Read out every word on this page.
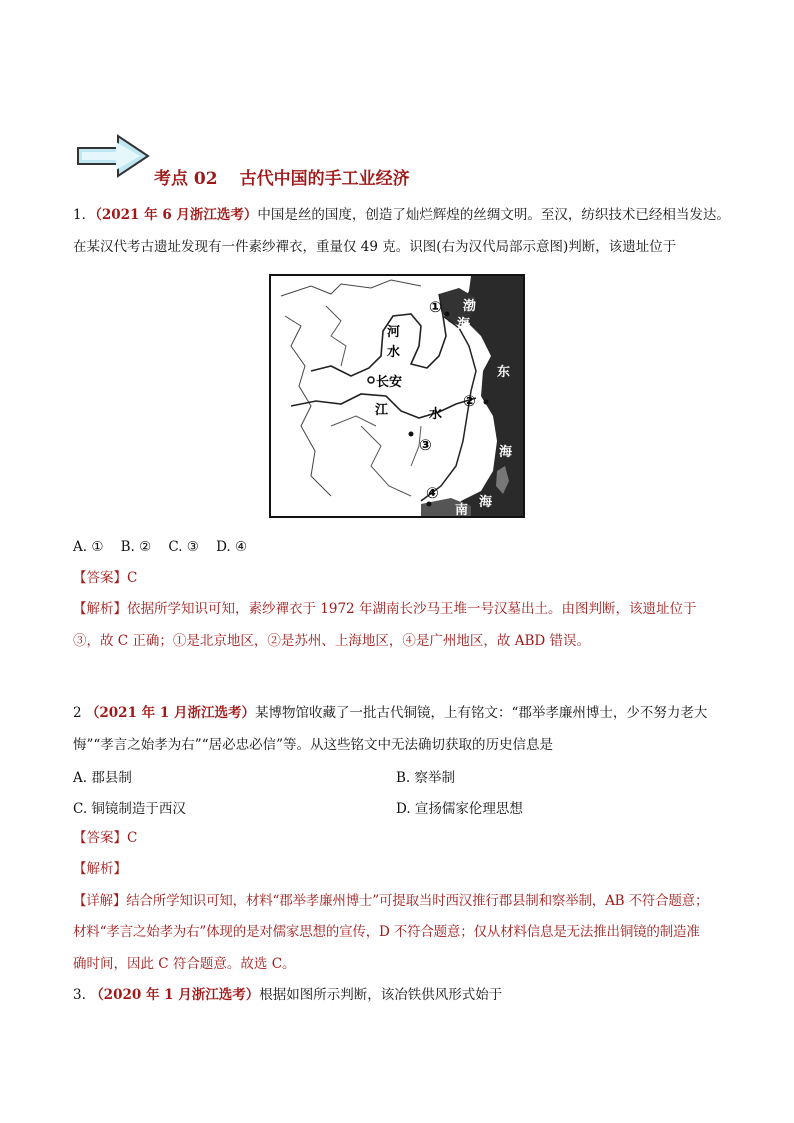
考点 02 古代中国的手工业经济
1．（2021 年 6 月浙江选考）中国是丝的国度，创造了灿烂辉煌的丝绸文明。至汉，纺织技术已经相当发达。
在某汉代考古遗址发现有一件素纱襌衣，重量仅 49 克。识图(右为汉代局部示意图)判断，该遗址位于
河
水
长安
江	水
渤
海
东
海
海
南
①
②
③
④
A. ①    B. ②    C. ③    D. ④
【答案】C
【解析】依据所学知识可知，素纱襌衣于 1972 年湖南长沙马王堆一号汉墓出土。由图判断，该遗址位于
③，故 C 正确；①是北京地区，②是苏州、上海地区，④是广州地区，故 ABD 错误。
2 （2021 年 1 月浙江选考）某博物馆收藏了一批古代铜镜，上有铭文：“郡举孝廉州博士，少不努力老大
悔”“孝言之始孝为右”“居必忠必信”等。从这些铭文中无法确切获取的历史信息是
A. 郡县制	B. 察举制
C. 铜镜制造于西汉	D. 宣扬儒家伦理思想
【答案】C
【解析】
【详解】结合所学知识可知，材料“郡举孝廉州博士”可提取当时西汉推行郡县制和察举制，AB 不符合题意；
材料“孝言之始孝为右”体现的是对儒家思想的宣传，D 不符合题意；仅从材料信息是无法推出铜镜的制造准
确时间，因此 C 符合题意。故选 C。
3. （2020 年 1 月浙江选考）根据如图所示判断，该冶铁供风形式始于
